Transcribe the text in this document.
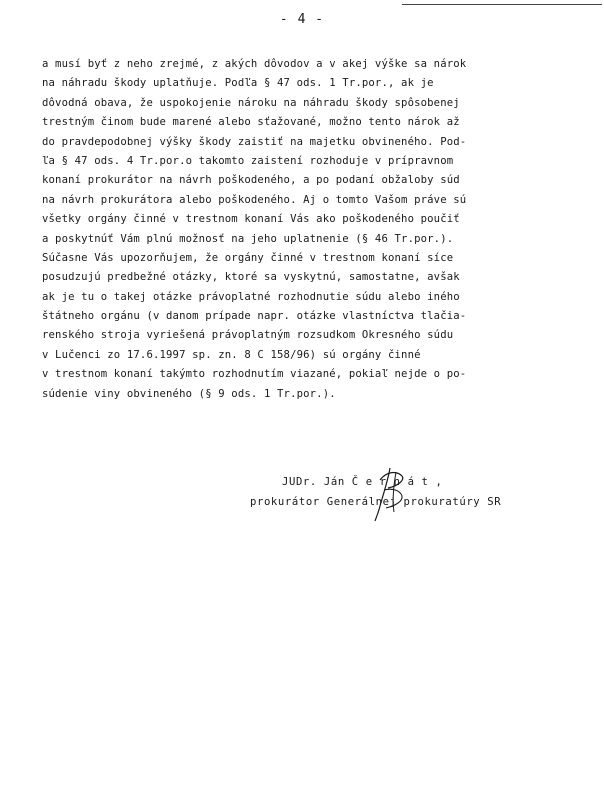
- 4 -
a musí byť z neho zrejmé, z akých dôvodov a v akej výške sa nárok
na náhradu škody uplatňuje. Podľa § 47 ods. 1 Tr.por., ak je
dôvodná obava, že uspokojenie nároku na náhradu škody spôsobenej
trestným činom bude marené alebo sťažované, možno tento nárok až
do pravdepodobnej výšky škody zaistiť na majetku obvineného. Pod-
ľa § 47 ods. 4 Tr.por.o takomto zaistení rozhoduje v prípravnom
konaní prokurátor na návrh poškodeného, a po podaní obžaloby súd
na návrh prokurátora alebo poškodeného. Aj o tomto Vašom práve sú
všetky orgány činné v trestnom konaní Vás ako poškodeného poučiť
a poskytnúť Vám plnú možnosť na jeho uplatnenie (§ 46 Tr.por.).
Súčasne Vás upozorňujem, že orgány činné v trestnom konaní síce
posudzujú predbežné otázky, ktoré sa vyskytnú, samostatne, avšak
ak je tu o takej otázke právoplatné rozhodnutie súdu alebo iného
štátneho orgánu (v danom prípade napr. otázke vlastníctva tlačia-
renského stroja vyriešená právoplatným rozsudkom Okresného súdu
v Lučenci zo 17.6.1997 sp. zn. 8 C 158/96) sú orgány činné
v trestnom konaní takýmto rozhodnutím viazané, pokiaľ nejde o po-
súdenie viny obvineného (§ 9 ods. 1 Tr.por.).
JUDr. Ján Č e r n á t ,
prokurátor Generálnej prokuratúry SR
